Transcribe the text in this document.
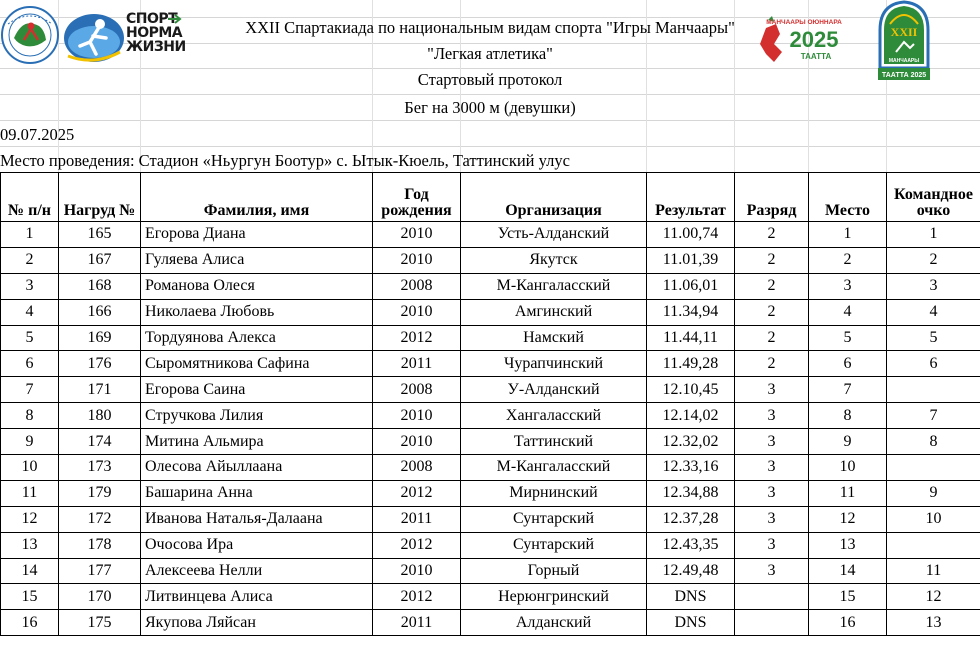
СПОРТ
НОРМА
ЖИЗНИ
XXII Спартакиада по национальным видам спорта "Игры Манчаары"
"Легкая атлетика"
Стартовый протокол
Бег на 3000 м (девушки)
МАНЧААРЫ ОЮННАРА
2025
ТААТТА
XXII
МАНЧААРЫ
ТААТТА 2025
09.07.2025
Место проведения: Стадион «Ньургун Боотур» с. Ытык-Кюель, Таттинский улус
№ п/н	Нагруд №	Фамилия, имя	Год рождения	Организация	Результат	Разряд	Место	Командное очко
1	165	Егорова Диана	2010	Усть-Алданский	11.00,74	2	1	1
2	167	Гуляева Алиса	2010	Якутск	11.01,39	2	2	2
3	168	Романова Олеся	2008	М-Кангаласский	11.06,01	2	3	3
4	166	Николаева Любовь	2010	Амгинский	11.34,94	2	4	4
5	169	Тордуянова Алекса	2012	Намский	11.44,11	2	5	5
6	176	Сыромятникова Сафина	2011	Чурапчинский	11.49,28	2	6	6
7	171	Егорова Саина	2008	У-Алданский	12.10,45	3	7	
8	180	Стручкова Лилия	2010	Хангаласский	12.14,02	3	8	7
9	174	Митина Альмира	2010	Таттинский	12.32,02	3	9	8
10	173	Олесова Айыллаана	2008	М-Кангаласский	12.33,16	3	10	
11	179	Башарина Анна	2012	Мирнинский	12.34,88	3	11	9
12	172	Иванова Наталья-Далаана	2011	Сунтарский	12.37,28	3	12	10
13	178	Очосова Ира	2012	Сунтарский	12.43,35	3	13	
14	177	Алексеева Нелли	2010	Горный	12.49,48	3	14	11
15	170	Литвинцева Алиса	2012	Нерюнгринский	DNS		15	12
16	175	Якупова Ляйсан	2011	Алданский	DNS		16	13
